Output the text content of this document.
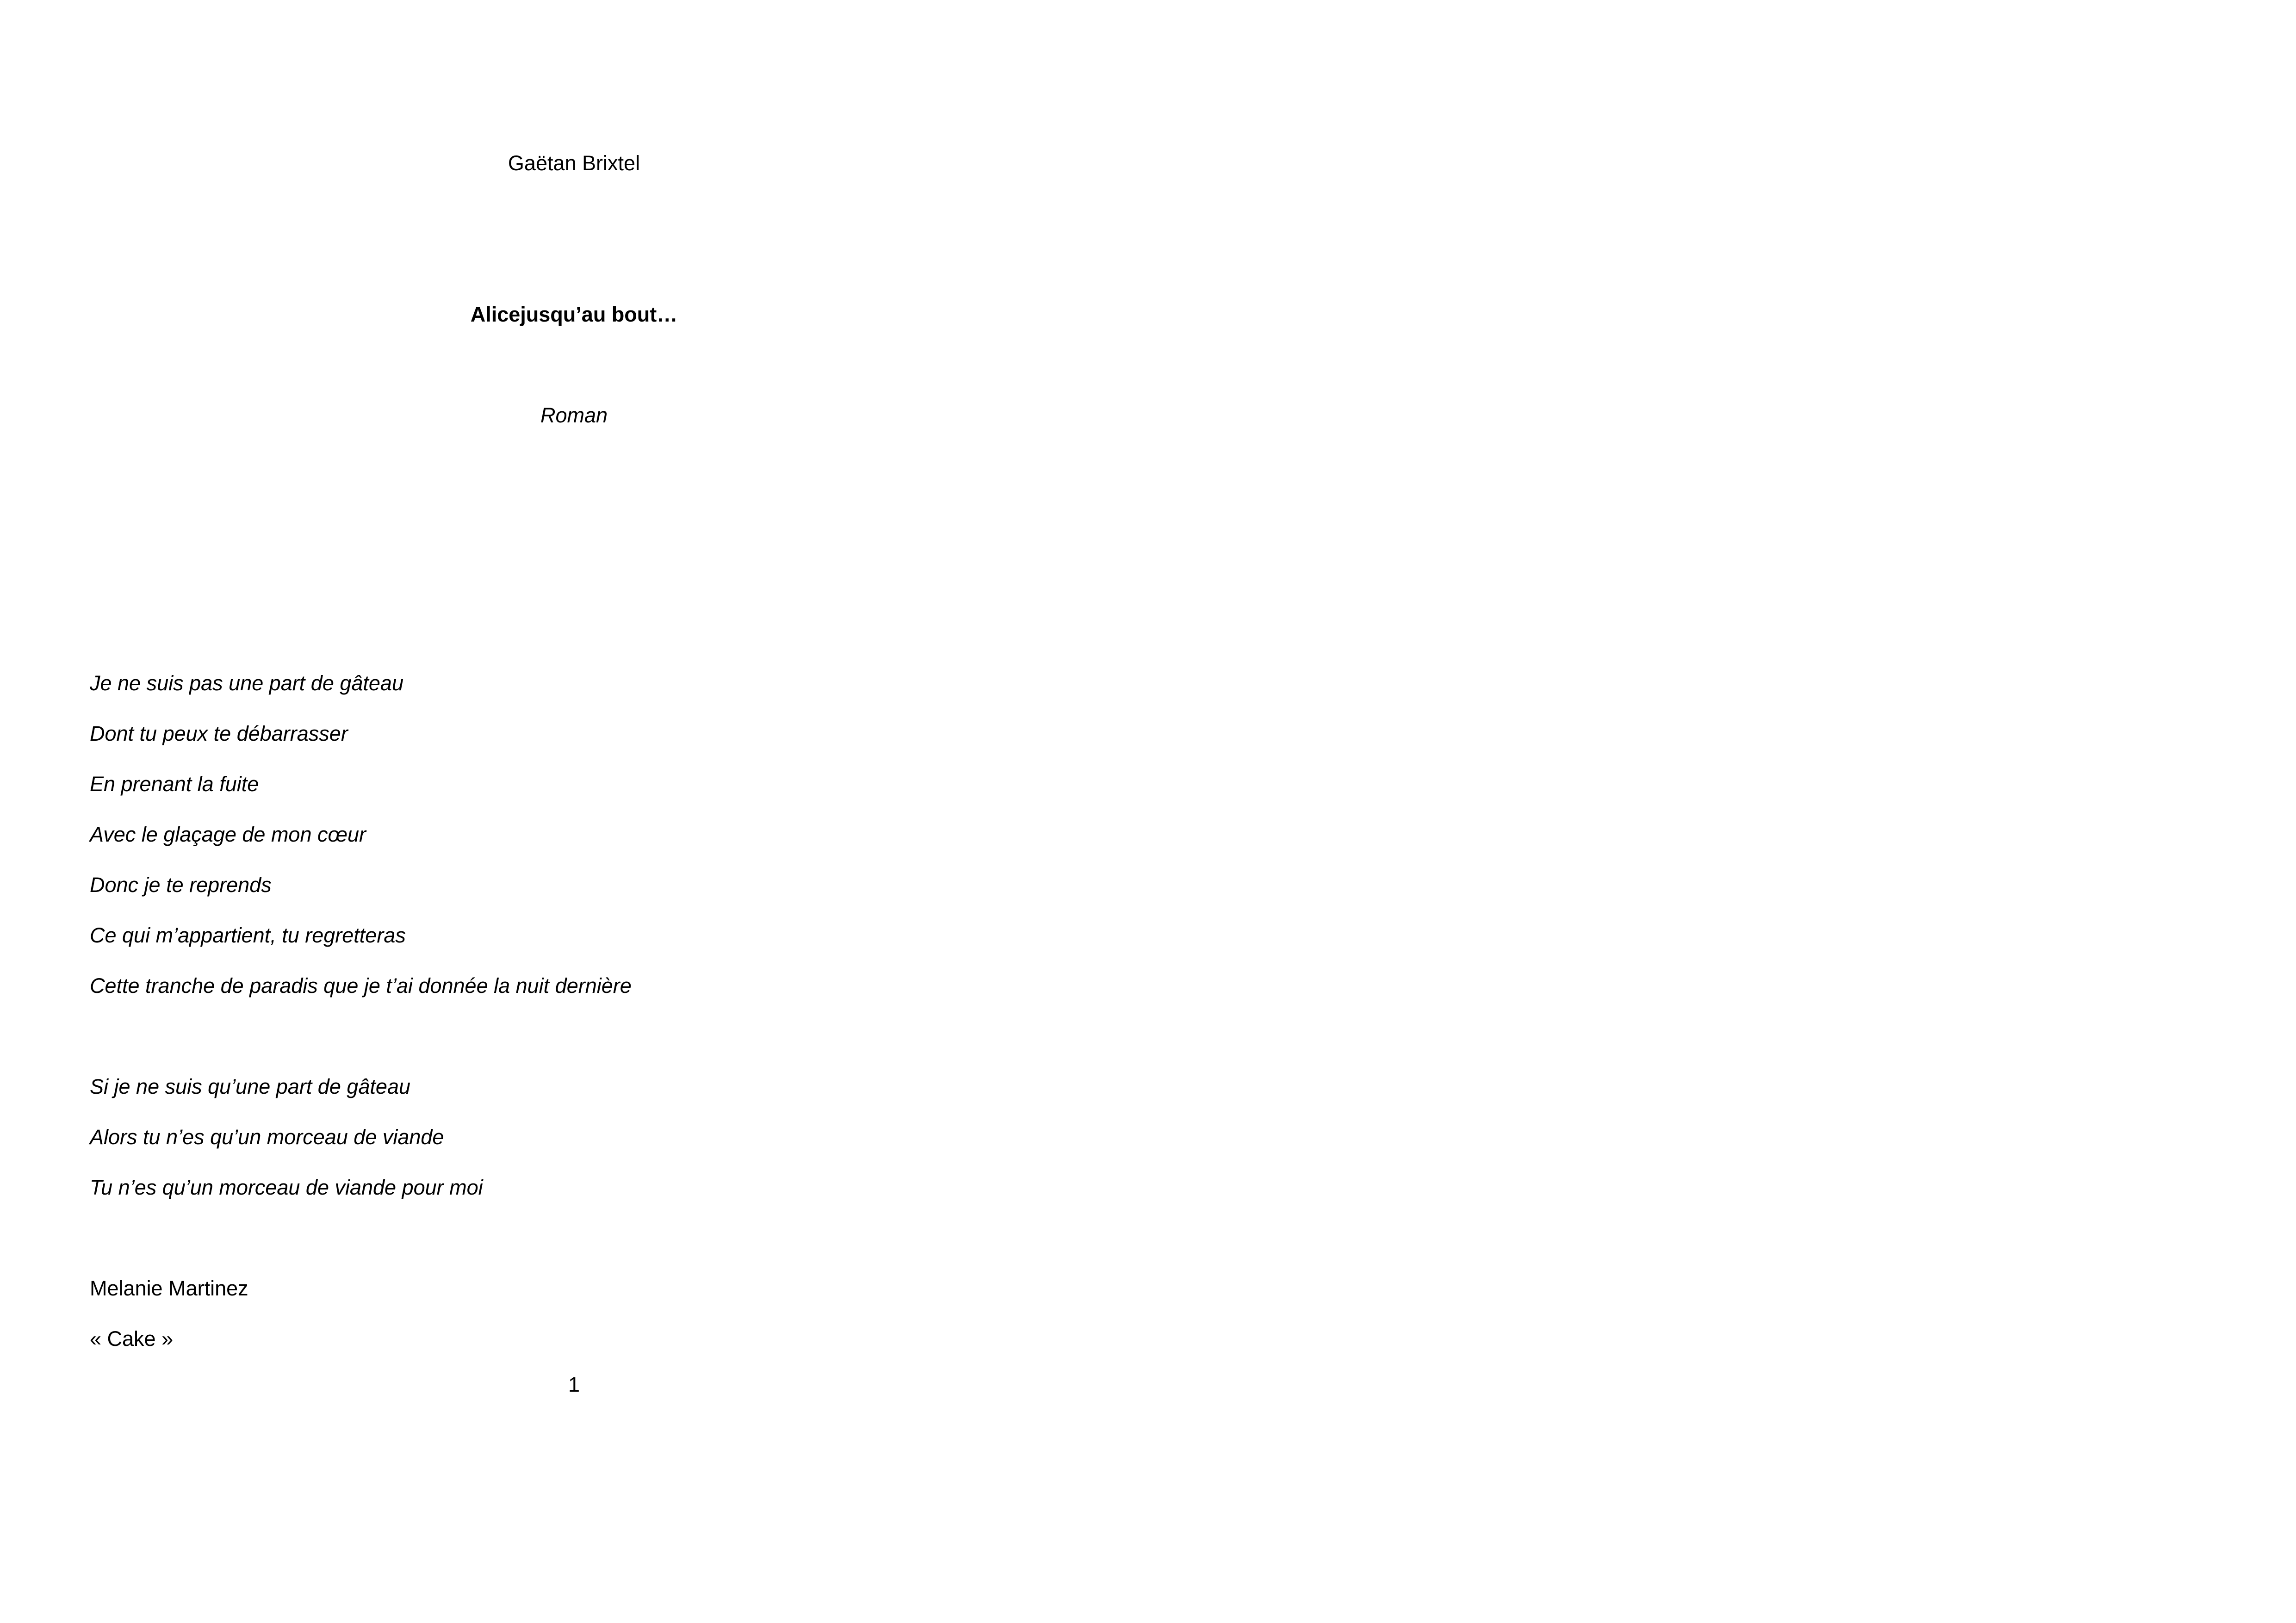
Gaëtan Brixtel

Alicejusqu’au bout…

Roman

Je ne suis pas une part de gâteau
Dont tu peux te débarrasser
En prenant la fuite
Avec le glaçage de mon cœur
Donc je te reprends
Ce qui m’appartient, tu regretteras
Cette tranche de paradis que je t’ai donnée la nuit dernière
Si je ne suis qu’une part de gâteau
Alors tu n’es qu’un morceau de viande
Tu n’es qu’un morceau de viande pour moi
Melanie Martinez
« Cake »

1
